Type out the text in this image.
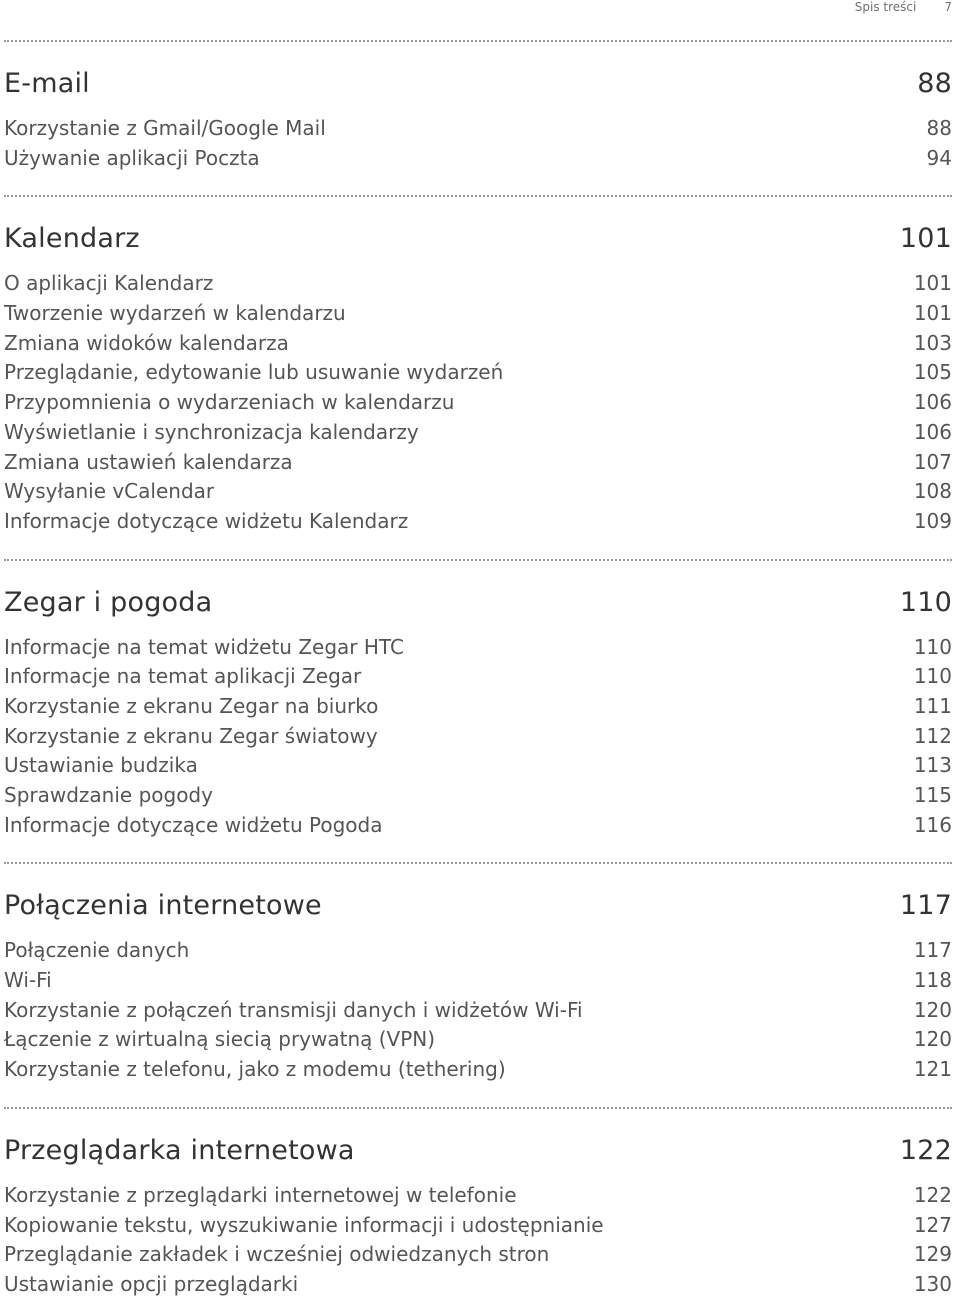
Spis treści 7
E-mail	88
Korzystanie z Gmail/Google Mail	88
Używanie aplikacji Poczta	94
Kalendarz	101
O aplikacji Kalendarz	101
Tworzenie wydarzeń w kalendarzu	101
Zmiana widoków kalendarza	103
Przeglądanie, edytowanie lub usuwanie wydarzeń	105
Przypomnienia o wydarzeniach w kalendarzu	106
Wyświetlanie i synchronizacja kalendarzy	106
Zmiana ustawień kalendarza	107
Wysyłanie vCalendar	108
Informacje dotyczące widżetu Kalendarz	109
Zegar i pogoda	110
Informacje na temat widżetu Zegar HTC	110
Informacje na temat aplikacji Zegar	110
Korzystanie z ekranu Zegar na biurko	111
Korzystanie z ekranu Zegar światowy	112
Ustawianie budzika	113
Sprawdzanie pogody	115
Informacje dotyczące widżetu Pogoda	116
Połączenia internetowe	117
Połączenie danych	117
Wi-Fi	118
Korzystanie z połączeń transmisji danych i widżetów Wi-Fi	120
Łączenie z wirtualną siecią prywatną (VPN)	120
Korzystanie z telefonu, jako z modemu (tethering)	121
Przeglądarka internetowa	122
Korzystanie z przeglądarki internetowej w telefonie	122
Kopiowanie tekstu, wyszukiwanie informacji i udostępnianie	127
Przeglądanie zakładek i wcześniej odwiedzanych stron	129
Ustawianie opcji przeglądarki	130
